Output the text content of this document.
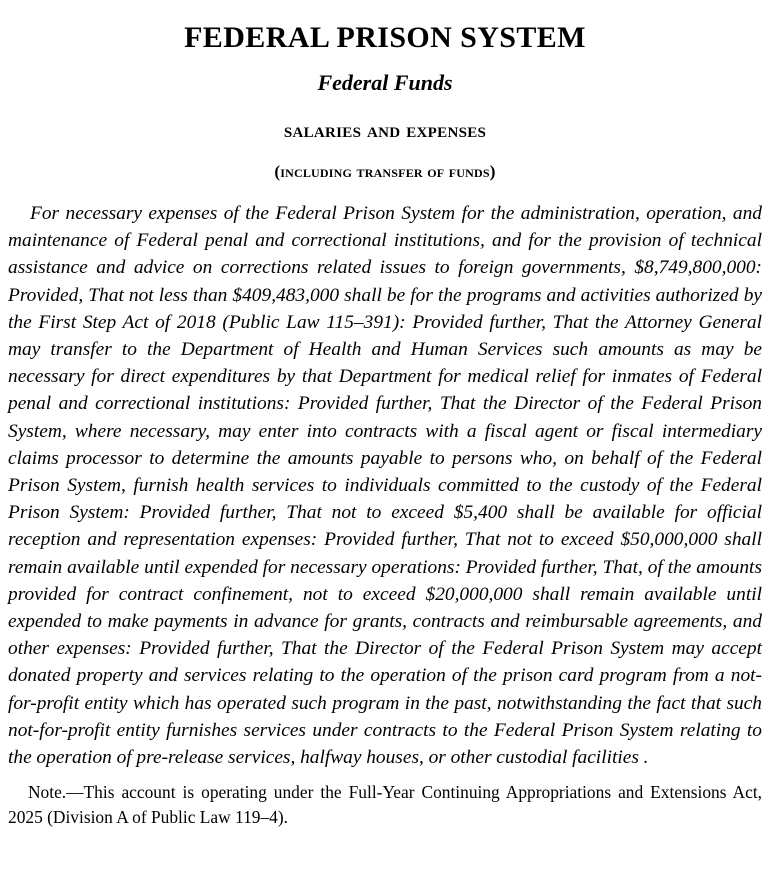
FEDERAL PRISON SYSTEM
Federal Funds
salaries and expenses
(including transfer of funds)

For necessary expenses of the Federal Prison System for the administration, operation, and maintenance of Federal penal and correctional institutions, and for the provision of technical assistance and advice on corrections related issues to foreign governments, $8,749,800,000: Provided, That not less than $409,483,000 shall be for the programs and activities authorized by the First Step Act of 2018 (Public Law 115–391): Provided further, That the Attorney General may transfer to the Department of Health and Human Services such amounts as may be necessary for direct expenditures by that Department for medical relief for inmates of Federal penal and correctional institutions: Provided further, That the Director of the Federal Prison System, where necessary, may enter into contracts with a fiscal agent or fiscal intermediary claims processor to determine the amounts payable to persons who, on behalf of the Federal Prison System, furnish health services to individuals committed to the custody of the Federal Prison System: Provided further, That not to exceed $5,400 shall be available for official reception and representation expenses: Provided further, That not to exceed $50,000,000 shall remain available until expended for necessary operations: Provided further, That, of the amounts provided for contract confinement, not to exceed $20,000,000 shall remain available until expended to make payments in advance for grants, contracts and reimbursable agreements, and other expenses: Provided further, That the Director of the Federal Prison System may accept donated property and services relating to the operation of the prison card program from a not-for-profit entity which has operated such program in the past, notwithstanding the fact that such not-for-profit entity furnishes services under contracts to the Federal Prison System relating to the operation of pre-release services, halfway houses, or other custodial facilities .

Note.—This account is operating under the Full-Year Continuing Appropriations and Extensions Act, 2025 (Division A of Public Law 119–4).
